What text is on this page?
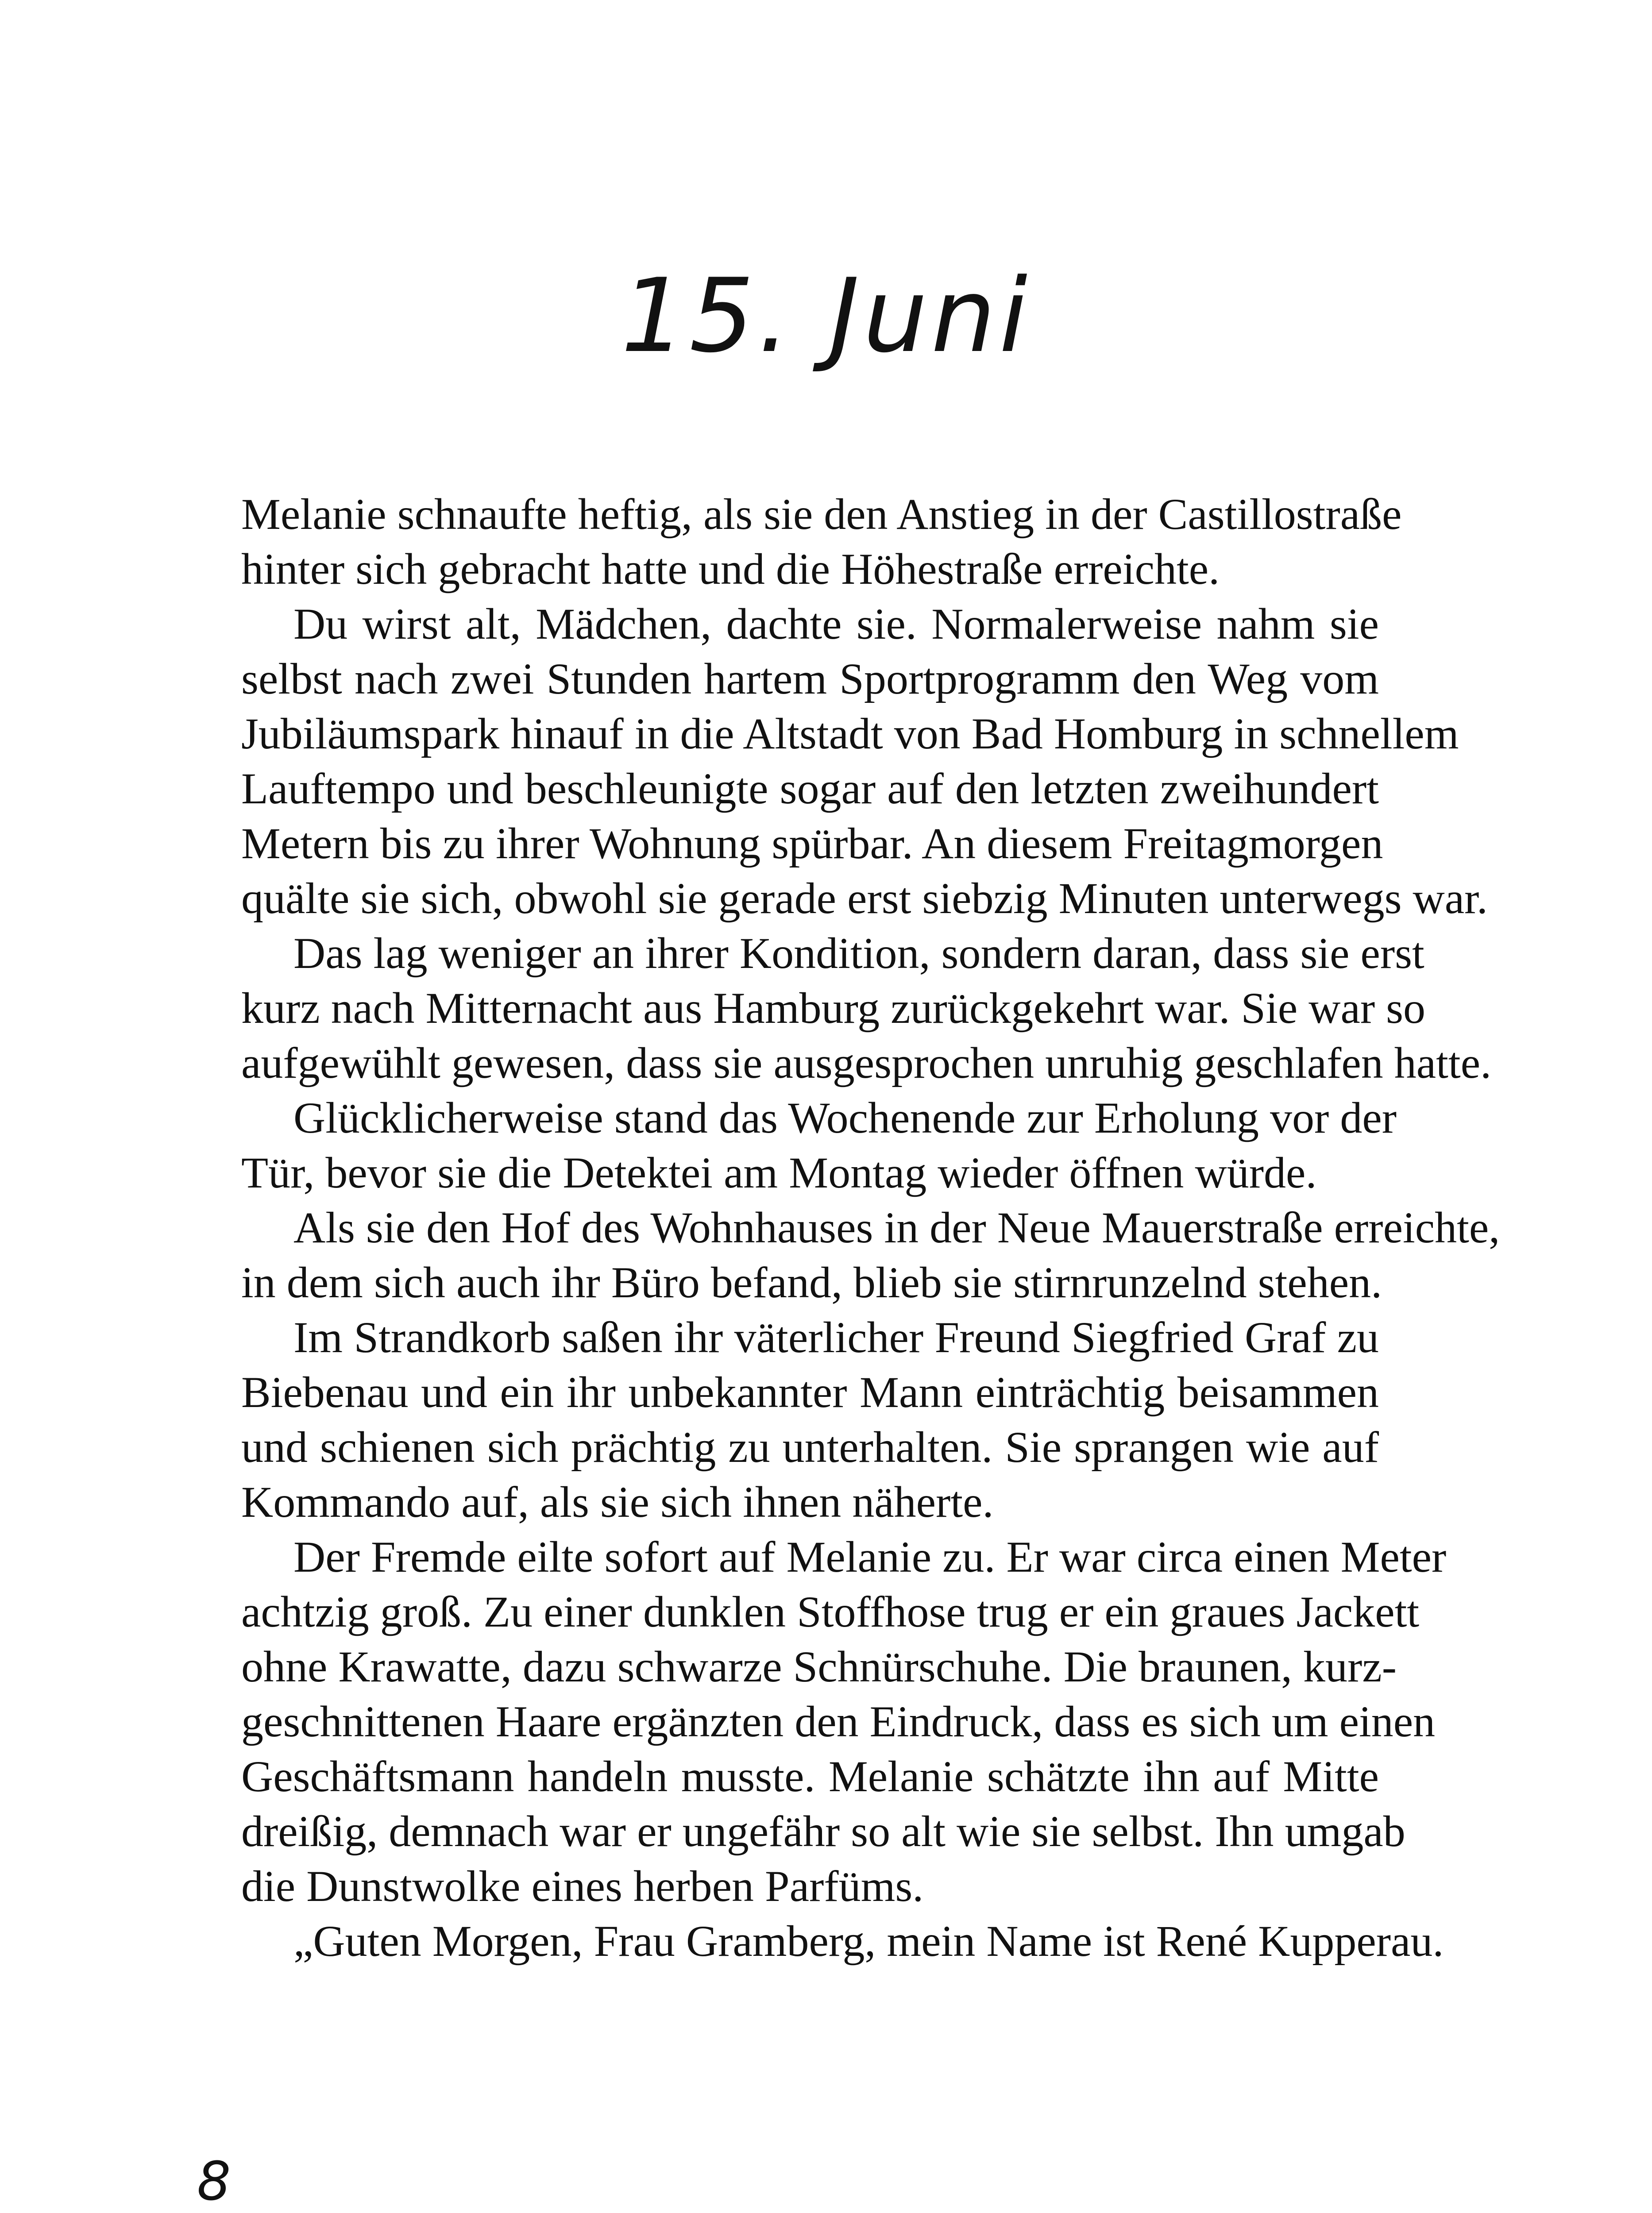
15. Juni
Melanie schnaufte heftig, als sie den Anstieg in der Castillostraße
hinter sich gebracht hatte und die Höhestraße erreichte.
Du wirst alt, Mädchen, dachte sie. Normalerweise nahm sie
selbst nach zwei Stunden hartem Sportprogramm den Weg vom
Jubiläumspark hinauf in die Altstadt von Bad Homburg in schnellem
Lauftempo und beschleunigte sogar auf den letzten zweihundert
Metern bis zu ihrer Wohnung spürbar. An diesem Freitagmorgen
quälte sie sich, obwohl sie gerade erst siebzig Minuten unterwegs war.
Das lag weniger an ihrer Kondition, sondern daran, dass sie erst
kurz nach Mitternacht aus Hamburg zurückgekehrt war. Sie war so
aufgewühlt gewesen, dass sie ausgesprochen unruhig geschlafen hatte.
Glücklicherweise stand das Wochenende zur Erholung vor der
Tür, bevor sie die Detektei am Montag wieder öffnen würde.
Als sie den Hof des Wohnhauses in der Neue Mauerstraße erreichte,
in dem sich auch ihr Büro befand, blieb sie stirnrunzelnd stehen.
Im Strandkorb saßen ihr väterlicher Freund Siegfried Graf zu
Biebenau und ein ihr unbekannter Mann einträchtig beisammen
und schienen sich prächtig zu unterhalten. Sie sprangen wie auf
Kommando auf, als sie sich ihnen näherte.
Der Fremde eilte sofort auf Melanie zu. Er war circa einen Meter
achtzig groß. Zu einer dunklen Stoffhose trug er ein graues Jackett
ohne Krawatte, dazu schwarze Schnürschuhe. Die braunen, kurz-
geschnittenen Haare ergänzten den Eindruck, dass es sich um einen
Geschäftsmann handeln musste. Melanie schätzte ihn auf Mitte
dreißig, demnach war er ungefähr so alt wie sie selbst. Ihn umgab
die Dunstwolke eines herben Parfüms.
„Guten Morgen, Frau Gramberg, mein Name ist René Kupperau.
8
